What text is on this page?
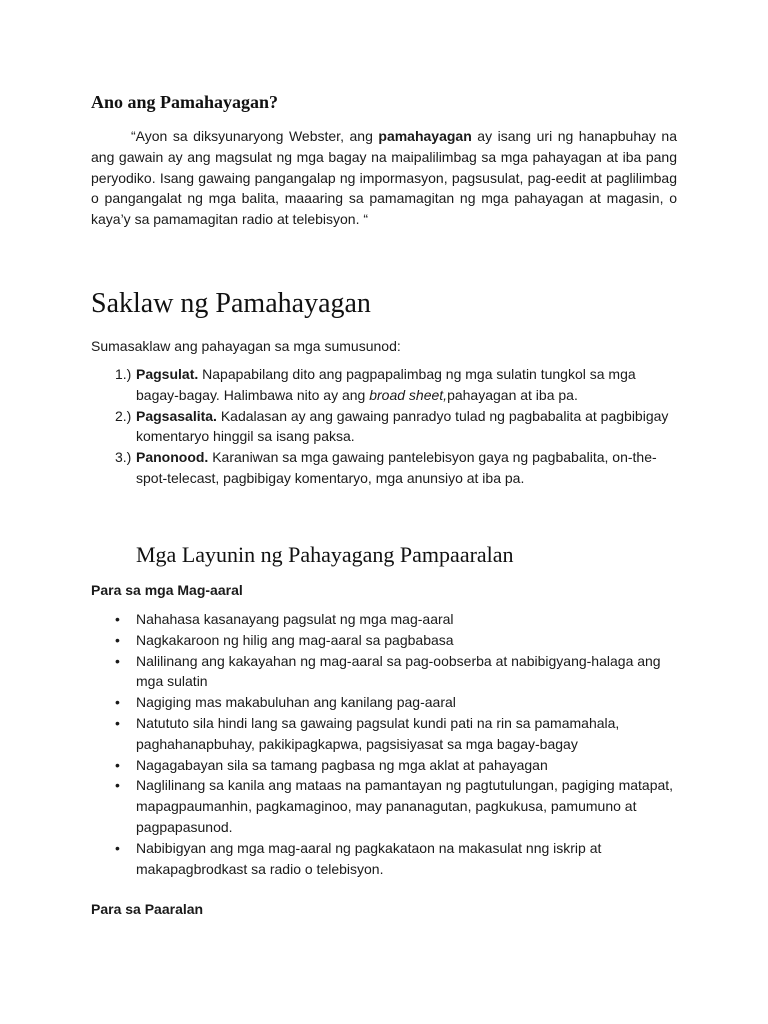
Ano ang Pamahayagan?

“Ayon sa diksyunaryong Webster, ang pamahayagan ay isang uri ng hanapbuhay na ang gawain ay ang magsulat ng mga bagay na maipalilimbag sa mga pahayagan at iba pang peryodiko. Isang gawaing pangangalap ng impormasyon, pagsusulat, pag-eedit at paglilimbag o pangangalat ng mga balita, maaaring sa pamamagitan ng mga pahayagan at magasin, o kaya’y sa pamamagitan radio at telebisyon. “

Saklaw ng Pamahayagan

Sumasaklaw ang pahayagan sa mga sumusunod:

1.) Pagsulat. Napapabilang dito ang pagpapalimbag ng mga sulatin tungkol sa mga bagay-bagay. Halimbawa nito ay ang broad sheet,pahayagan at iba pa.
2.) Pagsasalita. Kadalasan ay ang gawaing panradyo tulad ng pagbabalita at pagbibigay komentaryo hinggil sa isang paksa.
3.) Panonood. Karaniwan sa mga gawaing pantelebisyon gaya ng pagbabalita, on-the-spot-telecast, pagbibigay komentaryo, mga anunsiyo at iba pa.
Mga Layunin ng Pahayagang Pampaaralan

Para sa mga Mag-aaral

• Nahahasa kasanayang pagsulat ng mga mag-aaral
• Nagkakaroon ng hilig ang mag-aaral sa pagbabasa
• Nalilinang ang kakayahan ng mag-aaral sa pag-oobserba at nabibigyang-halaga ang mga sulatin
• Nagiging mas makabuluhan ang kanilang pag-aaral
• Natututo sila hindi lang sa gawaing pagsulat kundi pati na rin sa pamamahala, paghahanapbuhay, pakikipagkapwa, pagsisiyasat sa mga bagay-bagay
• Nagagabayan sila sa tamang pagbasa ng mga aklat at pahayagan
• Naglilinang sa kanila ang mataas na pamantayan ng pagtutulungan, pagiging matapat, mapagpaumanhin, pagkamaginoo, may pananagutan, pagkukusa, pamumuno at pagpapasunod.
• Nabibigyan ang mga mag-aaral ng pagkakataon na makasulat nng iskrip at makapagbrodkast sa radio o telebisyon.

Para sa Paaralan
